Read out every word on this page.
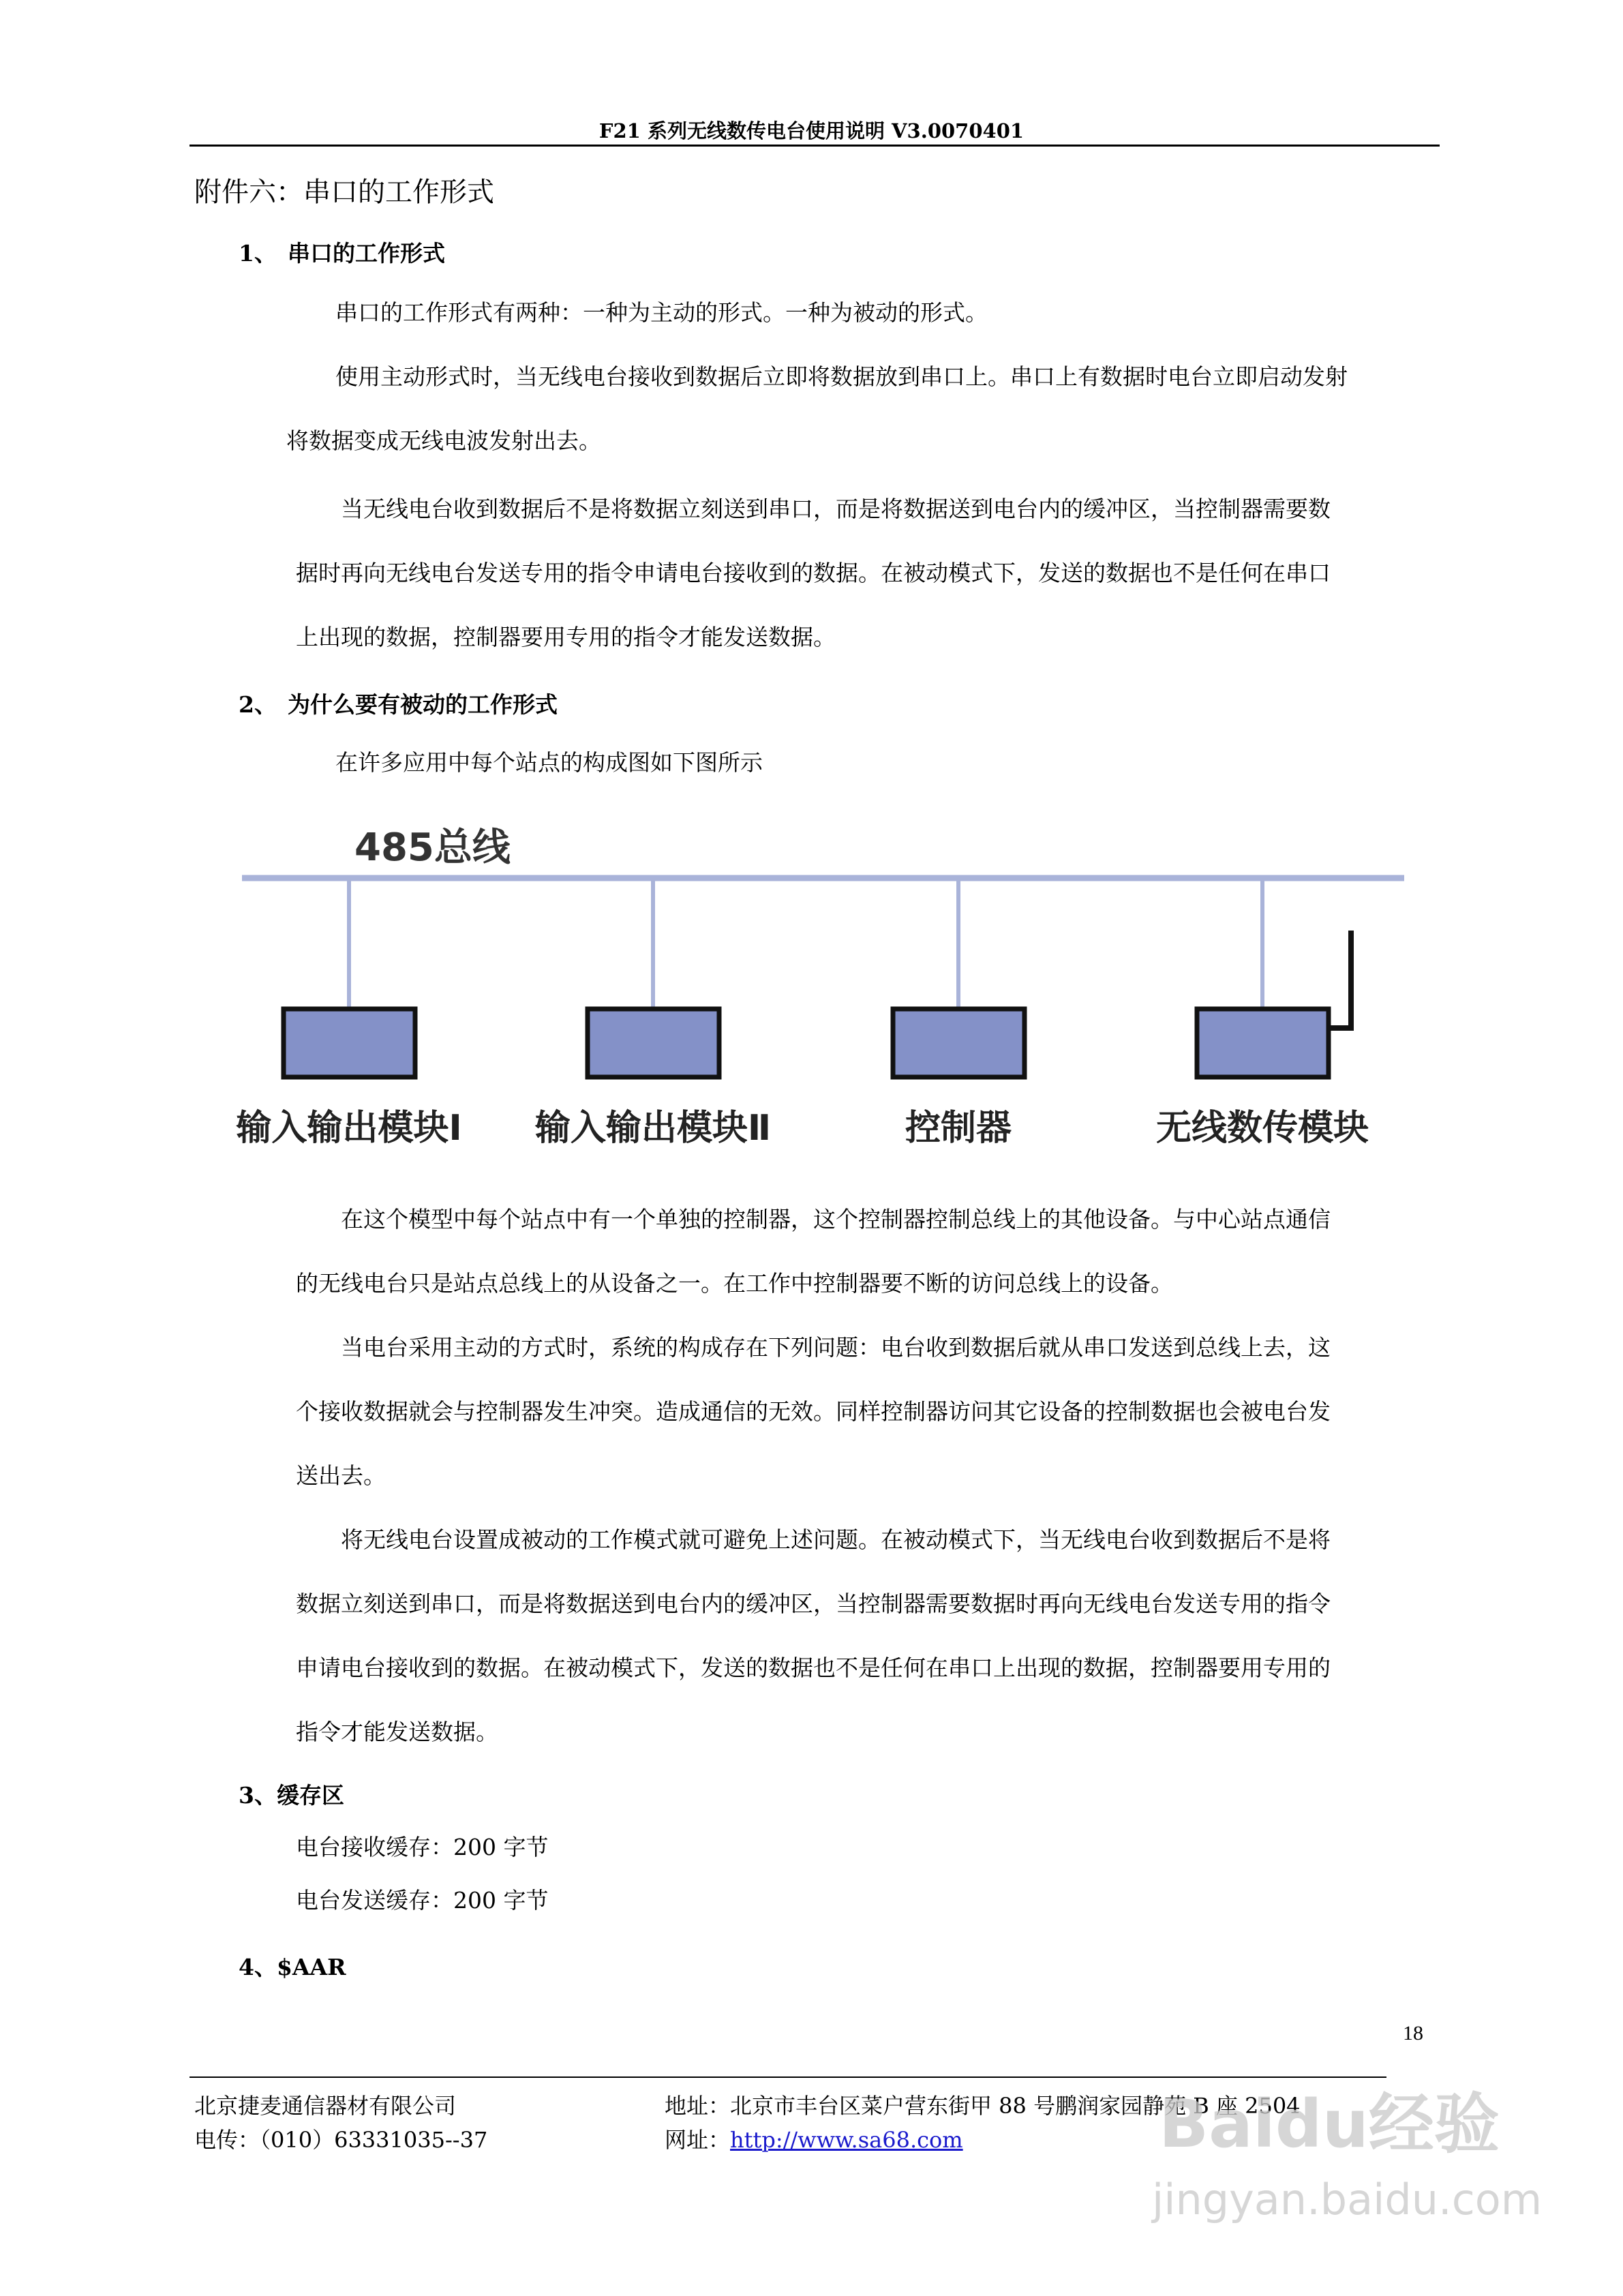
F21 系列无线数传电台使用说明 V3.0070401
附件六：串口的工作形式
1、 串口的工作形式
串口的工作形式有两种：一种为主动的形式。一种为被动的形式。
使用主动形式时，当无线电台接收到数据后立即将数据放到串口上。串口上有数据时电台立即启动发射
将数据变成无线电波发射出去。
当无线电台收到数据后不是将数据立刻送到串口，而是将数据送到电台内的缓冲区，当控制器需要数
据时再向无线电台发送专用的指令申请电台接收到的数据。在被动模式下，发送的数据也不是任何在串口
上出现的数据，控制器要用专用的指令才能发送数据。
2、 为什么要有被动的工作形式
在许多应用中每个站点的构成图如下图所示
485总线
输入输出模块Ⅰ 输入输出模块Ⅱ	控制器	无线数传模块
在这个模型中每个站点中有一个单独的控制器，这个控制器控制总线上的其他设备。与中心站点通信
的无线电台只是站点总线上的从设备之一。在工作中控制器要不断的访问总线上的设备。
当电台采用主动的方式时，系统的构成存在下列问题：电台收到数据后就从串口发送到总线上去，这
个接收数据就会与控制器发生冲突。造成通信的无效。同样控制器访问其它设备的控制数据也会被电台发
送出去。
将无线电台设置成被动的工作模式就可避免上述问题。在被动模式下，当无线电台收到数据后不是将
数据立刻送到串口，而是将数据送到电台内的缓冲区，当控制器需要数据时再向无线电台发送专用的指令
申请电台接收到的数据。在被动模式下，发送的数据也不是任何在串口上出现的数据，控制器要用专用的
指令才能发送数据。
3、缓存区
电台接收缓存：200 字节
电台发送缓存：200 字节
4、$AAR
18
北京捷麦通信器材有限公司
电传：（010）63331035--37
地址：北京市丰台区菜户营东街甲 88 号鹏润家园静苑 B 座 2504
网址：http://www.sa68.com	Baidu经验
jingyan.baidu.com
